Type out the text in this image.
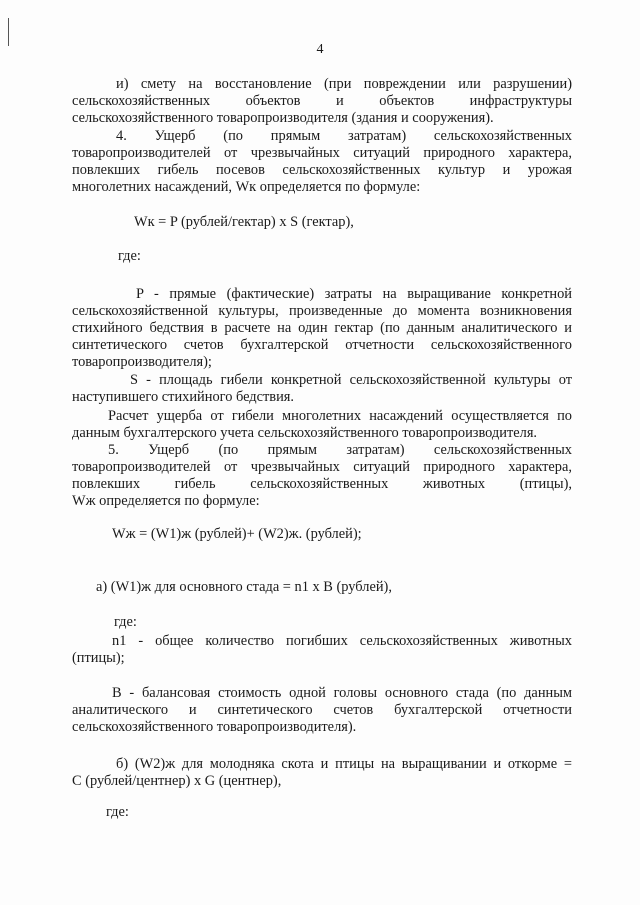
4
и) смету на восстановление (при повреждении или разрушении)
сельскохозяйственных объектов и объектов инфраструктуры
сельскохозяйственного товаропроизводителя (здания и сооружения).
4. Ущерб (по прямым затратам) сельскохозяйственных
товаропроизводителей от чрезвычайных ситуаций природного характера,
повлекших гибель посевов сельскохозяйственных культур и урожая
многолетних насаждений, Wк определяется по формуле:
Wк = P (рублей/гектар) x S (гектар),
где:
P - прямые (фактические) затраты на выращивание конкретной
сельскохозяйственной культуры, произведенные до момента возникновения
стихийного бедствия в расчете на один гектар (по данным аналитического и
синтетического счетов бухгалтерской отчетности сельскохозяйственного
товаропроизводителя);
S - площадь гибели конкретной сельскохозяйственной культуры от
наступившего стихийного бедствия.
Расчет ущерба от гибели многолетних насаждений осуществляется по
данным бухгалтерского учета сельскохозяйственного товаропроизводителя.
5. Ущерб (по прямым затратам) сельскохозяйственных
товаропроизводителей от чрезвычайных ситуаций природного характера,
повлекших гибель сельскохозяйственных животных (птицы),
Wж определяется по формуле:
Wж = (W1)ж (рублей)+ (W2)ж. (рублей);
а) (W1)ж для основного стада = n1 x B (рублей),
где:
n1 - общее количество погибших сельскохозяйственных животных
(птицы);
B - балансовая стоимость одной головы основного стада (по данным
аналитического и синтетического счетов бухгалтерской отчетности
сельскохозяйственного товаропроизводителя).
б) (W2)ж для молодняка скота и птицы на выращивании и откорме =
C (рублей/центнер) x G (центнер),
где:
